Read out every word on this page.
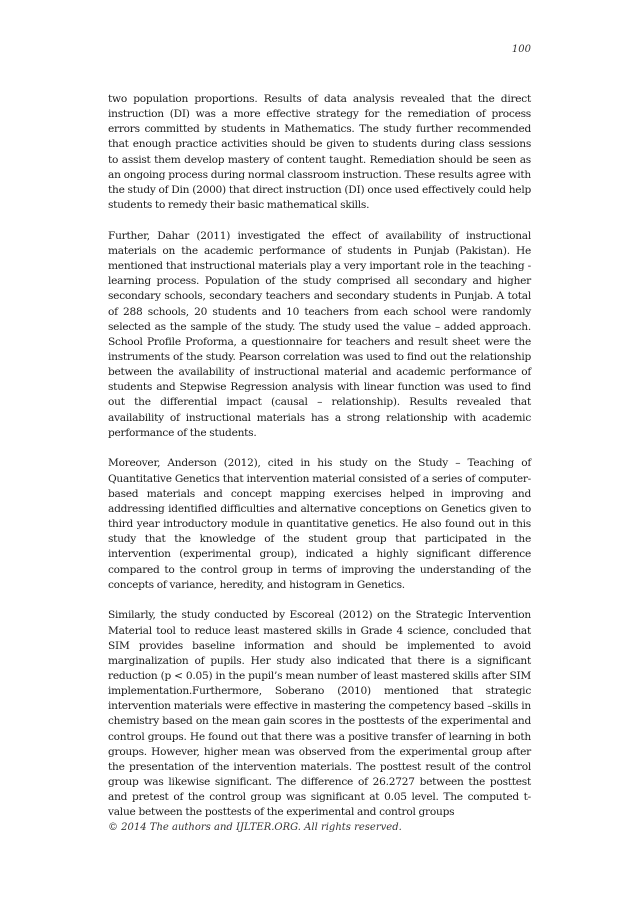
100

two population proportions. Results of data analysis revealed that the direct instruction (DI) was a more effective strategy for the remediation of process errors committed by students in Mathematics. The study further recommended that enough practice activities should be given to students during class sessions to assist them develop mastery of content taught. Remediation should be seen as an ongoing process during normal classroom instruction. These results agree with the study of Din (2000) that direct instruction (DI) once used effectively could help students to remedy their basic mathematical skills.

Further, Dahar (2011) investigated the effect of availability of instructional materials on the academic performance of students in Punjab (Pakistan). He mentioned that instructional materials play a very important role in the teaching - learning process. Population of the study comprised all secondary and higher secondary schools, secondary teachers and secondary students in Punjab. A total of 288 schools, 20 students and 10 teachers from each school were randomly selected as the sample of the study. The study used the value – added approach. School Profile Proforma, a questionnaire for teachers and result sheet were the instruments of the study. Pearson correlation was used to find out the relationship between the availability of instructional material and academic performance of students and Stepwise Regression analysis with linear function was used to find out the differential impact (causal – relationship). Results revealed that availability of instructional materials has a strong relationship with academic performance of the students.

Moreover, Anderson (2012), cited in his study on the Study – Teaching of Quantitative Genetics that intervention material consisted of a series of computer-based materials and concept mapping exercises helped in improving and addressing identified difficulties and alternative conceptions on Genetics given to third year introductory module in quantitative genetics. He also found out in this study that the knowledge of the student group that participated in the intervention (experimental group), indicated a highly significant difference compared to the control group in terms of improving the understanding of the concepts of variance, heredity, and histogram in Genetics.

Similarly, the study conducted by Escoreal (2012) on the Strategic Intervention Material tool to reduce least mastered skills in Grade 4 science, concluded that SIM provides baseline information and should be implemented to avoid marginalization of pupils. Her study also indicated that there is a significant reduction (p < 0.05) in the pupil’s mean number of least mastered skills after SIM implementation.Furthermore, Soberano (2010) mentioned that strategic intervention materials were effective in mastering the competency based –skills in chemistry based on the mean gain scores in the posttests of the experimental and control groups. He found out that there was a positive transfer of learning in both groups. However, higher mean was observed from the experimental group after the presentation of the intervention materials. The posttest result of the control group was likewise significant. The difference of 26.2727 between the posttest and pretest of the control group was significant at 0.05 level. The computed t-value between the posttests of the experimental and control groups

© 2014 The authors and IJLTER.ORG. All rights reserved.
